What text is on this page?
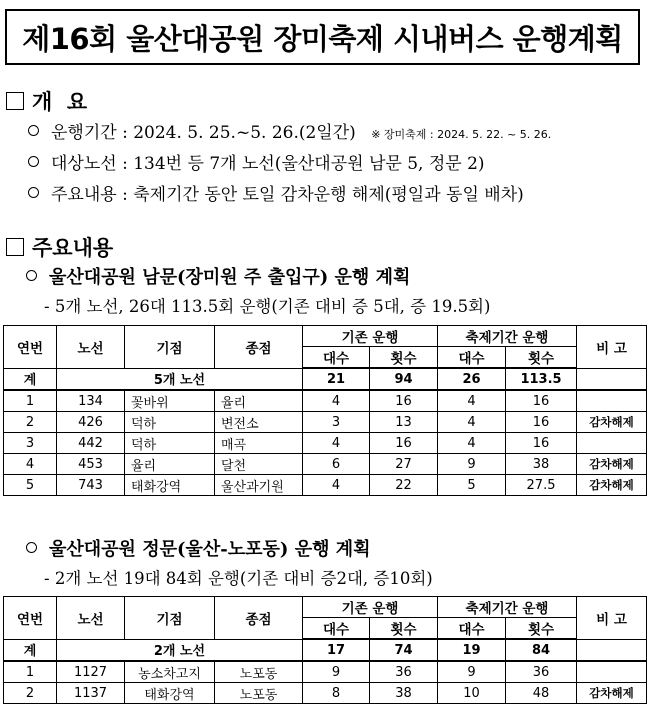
제16회 울산대공원 장미축제 시내버스 운행계획
개  요
운행기간 : 2024. 5. 25.~5. 26.(2일간) ※ 장미축제 : 2024. 5. 22. ~ 5. 26.
대상노선 : 134번 등 7개 노선(울산대공원 남문 5, 정문 2)
주요내용 : 축제기간 동안 토일 감차운행 해제(평일과 동일 배차)
주요내용
울산대공원 남문(장미원 주 출입구) 운행 계획
- 5개 노선, 26대 113.5회 운행(기존 대비 증 5대, 증 19.5회)
연번	노선	기점	종점	기존 운행		축제기간 운행		비 고
				대수	횟수	대수	횟수	
계	5개 노선			21	94	26	113.5	
1	134	꽃바위	율리	4	16	4	16	
2	426	덕하	변전소	3	13	4	16	감차해제
3	442	덕하	매곡	4	16	4	16	
4	453	율리	달천	6	27	9	38	감차해제
5	743	태화강역	울산과기원	4	22	5	27.5	감차해제
울산대공원 정문(울산-노포동) 운행 계획
- 2개 노선 19대 84회 운행(기존 대비 증2대, 증10회)
연번	노선	기점	종점	기존 운행		축제기간 운행		비 고
				대수	횟수	대수	횟수	
계	2개 노선			17	74	19	84	
1	1127	농소차고지	노포동	9	36	9	36	
2	1137	태화강역	노포동	8	38	10	48	감차해제
